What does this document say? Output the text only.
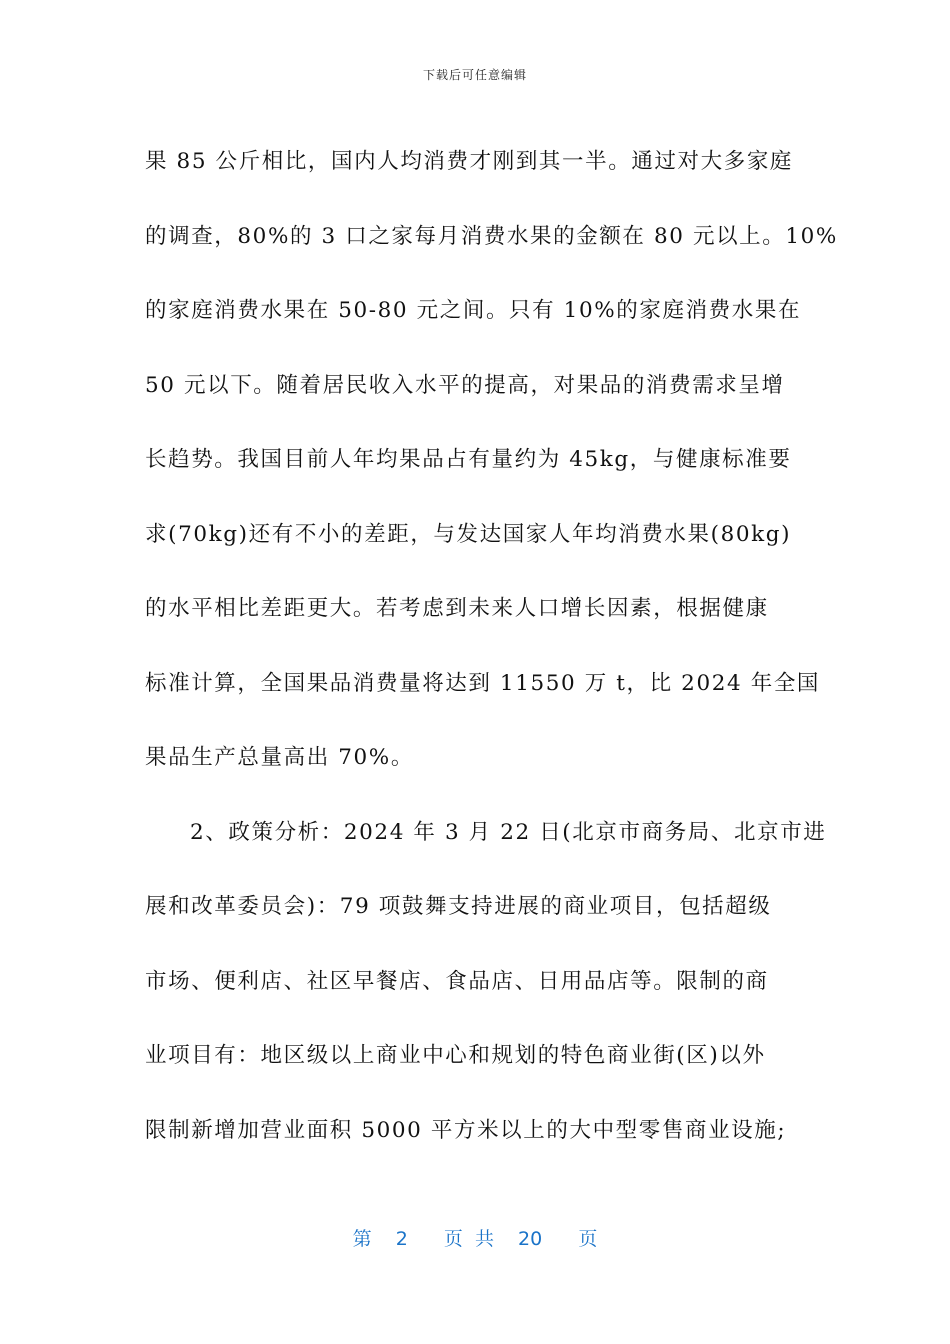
下载后可任意编辑
果 85 公斤相比，国内人均消费才刚到其一半。通过对大多家庭
的调查，80%的 3 口之家每月消费水果的金额在 80 元以上。10%
的家庭消费水果在 50-80 元之间。只有 10%的家庭消费水果在
50 元以下。随着居民收入水平的提高，对果品的消费需求呈增
长趋势。我国目前人年均果品占有量约为 45kg，与健康标准要
求(70kg)还有不小的差距，与发达国家人年均消费水果(80kg)
的水平相比差距更大。若考虑到未来人口增长因素，根据健康
标准计算，全国果品消费量将达到 11550 万 t，比 2024 年全国
果品生产总量高出 70%。
2、政策分析：2024 年 3 月 22 日(北京市商务局、北京市进
展和改革委员会)：79 项鼓舞支持进展的商业项目，包括超级
市场、便利店、社区早餐店、食品店、日用品店等。限制的商
业项目有：地区级以上商业中心和规划的特色商业街(区)以外
限制新增加营业面积 5000 平方米以上的大中型零售商业设施;
第  2   页 共  20   页
